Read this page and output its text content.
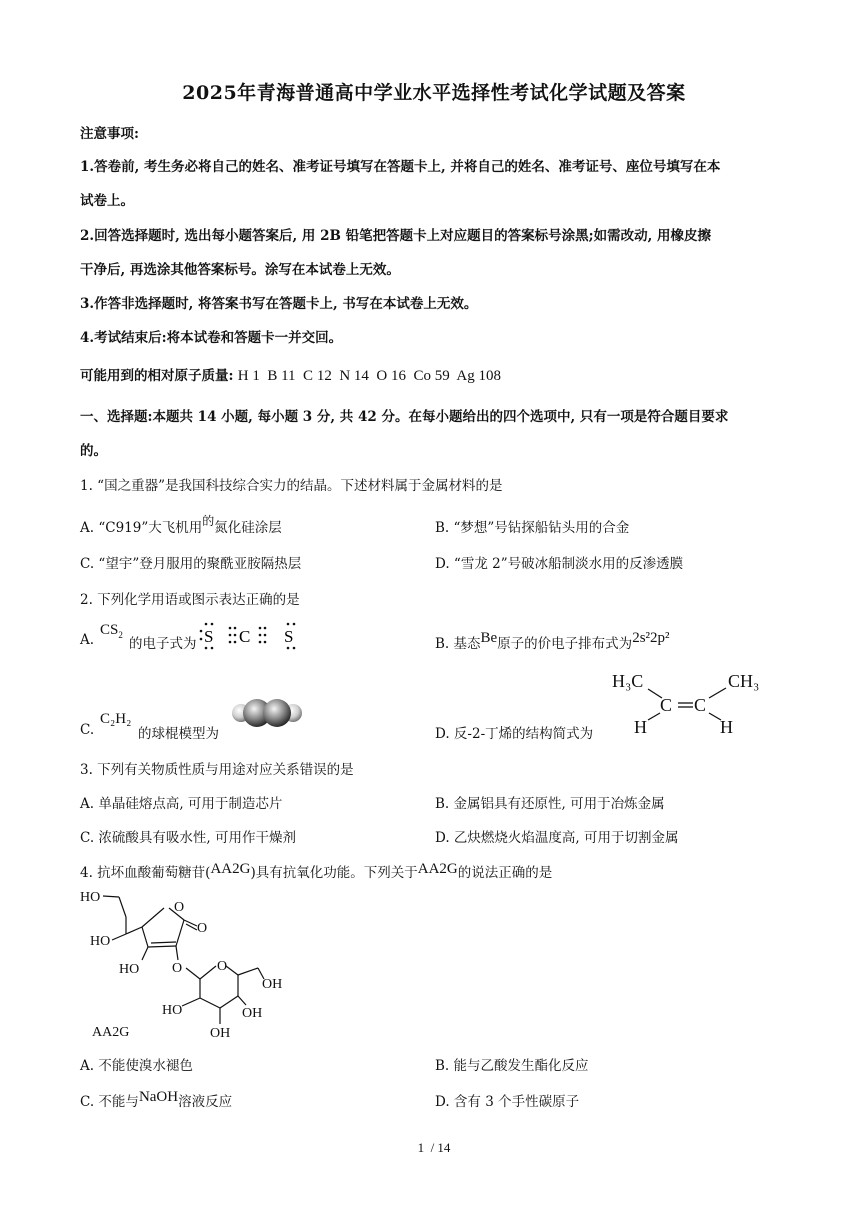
2025年青海普通高中学业水平选择性考试化学试题及答案
注意事项:
1.答卷前, 考生务必将自己的姓名、准考证号填写在答题卡上, 并将自己的姓名、准考证号、座位号填写在本
试卷上。
2.回答选择题时, 选出每小题答案后, 用 2B 铅笔把答题卡上对应题目的答案标号涂黑;如需改动, 用橡皮擦
干净后, 再选涂其他答案标号。涂写在本试卷上无效。
3.作答非选择题时, 将答案书写在答题卡上, 书写在本试卷上无效。
4.考试结束后:将本试卷和答题卡一并交回。
可能用到的相对原子质量: H 1  B 11  C 12  N 14  O 16  Co 59  Ag 108
一、选择题:本题共 14 小题, 每小题 3 分, 共 42 分。在每小题给出的四个选项中, 只有一项是符合题目要求
的。
1. “国之重器”是我国科技综合实力的结晶。下述材料属于金属材料的是
A. “C919”大飞机用的氮化硅涂层	B. “梦想”号钻探船钻头用的合金
C. “望宇”登月服用的聚酰亚胺隔热层	D. “雪龙 2”号破冰船制淡水用的反渗透膜
2. 下列化学用语或图示表达正确的是
A.
$CS_2$
的电子式为 S C S	B. 基态Be原子的价电子排布式为2s²2p²
C.
C₂H₂
的球棍模型为	D. 反-2-丁烯的结构简式为
H₃C	CH₃
C C
H	H
3. 下列有关物质性质与用途对应关系错误的是
A. 单晶硅熔点高, 可用于制造芯片	B. 金属铝具有还原性, 可用于冶炼金属
C. 浓硫酸具有吸水性, 可用作干燥剂	D. 乙炔燃烧火焰温度高, 可用于切割金属
4. 抗坏血酸葡萄糖苷(AA2G)具有抗氧化功能。下列关于AA2G的说法正确的是
HO
HO
HO
O
O
O O
OH
HO	OH
OH
AA2G
A. 不能使溴水褪色	B. 能与乙酸发生酯化反应
C. 不能与NaOH溶液反应	D. 含有 3 个手性碳原子
1  / 14
